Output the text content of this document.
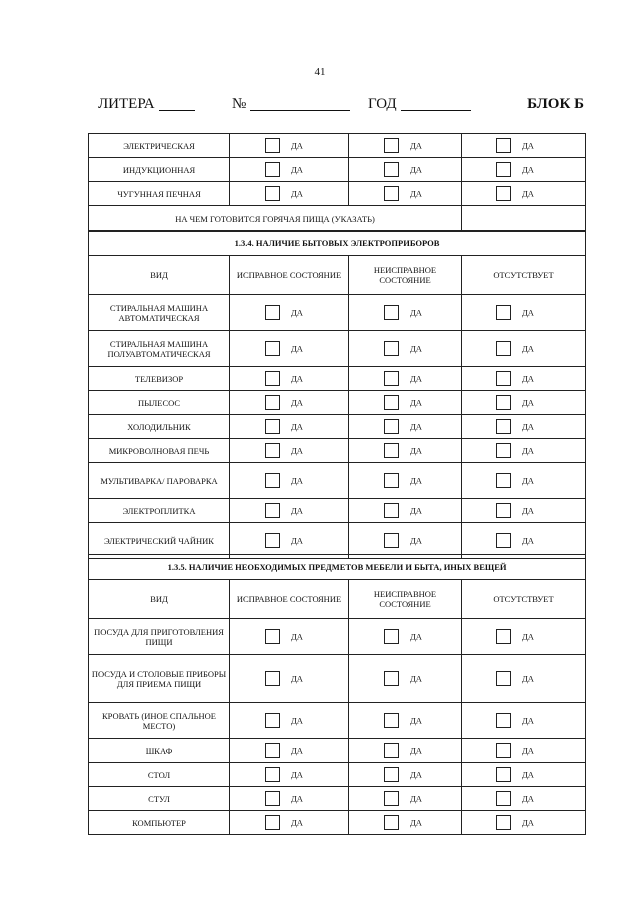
41
ЛИТЕРА	№	ГОД	БЛОК Б
ЭЛЕКТРИЧЕСКАЯ	ДА	ДА	ДА
ИНДУКЦИОННАЯ	ДА	ДА	ДА
ЧУГУННАЯ ПЕЧНАЯ	ДА	ДА	ДА
НА ЧЕМ ГОТОВИТСЯ ГОРЯЧАЯ ПИЩА (УКАЗАТЬ)			
1.3.4. НАЛИЧИЕ БЫТОВЫХ ЭЛЕКТРОПРИБОРОВ			
ВИД	ИСПРАВНОЕ СОСТОЯНИЕ	НЕИСПРАВНОЕ СОСТОЯНИЕ	ОТСУТСТВУЕТ
СТИРАЛЬНАЯ МАШИНА АВТОМАТИЧЕСКАЯ	ДА	ДА	ДА
СТИРАЛЬНАЯ МАШИНА ПОЛУАВТОМАТИЧЕСКАЯ	ДА	ДА	ДА
ТЕЛЕВИЗОР	ДА	ДА	ДА
ПЫЛЕСОС	ДА	ДА	ДА
ХОЛОДИЛЬНИК	ДА	ДА	ДА
МИКРОВОЛНОВАЯ ПЕЧЬ	ДА	ДА	ДА
МУЛЬТИВАРКА/ ПАРОВАРКА	ДА	ДА	ДА
ЭЛЕКТРОПЛИТКА	ДА	ДА	ДА
ЭЛЕКТРИЧЕСКИЙ ЧАЙНИК	ДА	ДА	ДА
1.3.5. НАЛИЧИЕ НЕОБХОДИМЫХ ПРЕДМЕТОВ МЕБЕЛИ И БЫТА, ИНЫХ ВЕЩЕЙ			
ВИД	ИСПРАВНОЕ СОСТОЯНИЕ	НЕИСПРАВНОЕ СОСТОЯНИЕ	ОТСУТСТВУЕТ
ПОСУДА ДЛЯ ПРИГОТОВЛЕНИЯ ПИЩИ	ДА	ДА	ДА
ПОСУДА И СТОЛОВЫЕ ПРИБОРЫ ДЛЯ ПРИЕМА ПИЩИ	ДА	ДА	ДА
КРОВАТЬ (ИНОЕ СПАЛЬНОЕ МЕСТО)	ДА	ДА	ДА
ШКАФ	ДА	ДА	ДА
СТОЛ	ДА	ДА	ДА
СТУЛ	ДА	ДА	ДА
КОМПЬЮТЕР	ДА	ДА	ДА
